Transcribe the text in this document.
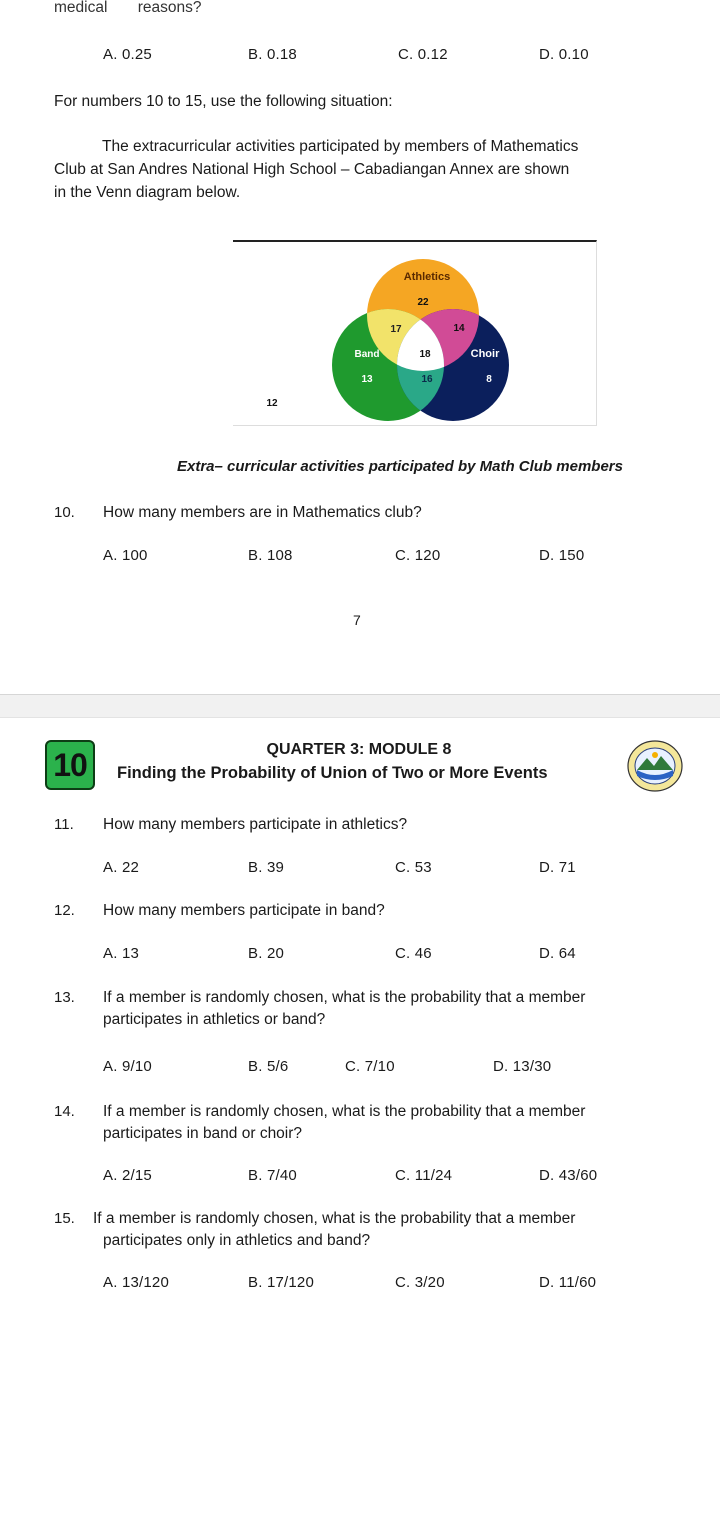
medical reasons?
A. 0.25	B. 0.18	C. 0.12	D. 0.10
For numbers 10 to 15, use the following situation:
The extracurricular activities participated by members of Mathematics
Club at San Andres National High School – Cabadiangan Annex are shown
in the Venn diagram below.
Athletics
22
17	14
Band	18	Choir
13	16	8
12
Extra– curricular activities participated by Math Club members
10. How many members are in Mathematics club?
A. 100	B. 108	C. 120	D. 150
7
10	QUARTER 3: MODULE 8
Finding the Probability of Union of Two or More Events
11. How many members participate in athletics?
A. 22	B. 39	C. 53	D. 71
12. How many members participate in band?
A. 13	B. 20	C. 46	D. 64
13. If a member is randomly chosen, what is the probability that a member
participates in athletics or band?
A. 9/10	B. 5/6	C. 7/10	D. 13/30
14. If a member is randomly chosen, what is the probability that a member
participates in band or choir?
A. 2/15	B. 7/40	C. 11/24	D. 43/60
15. If a member is randomly chosen, what is the probability that a member
participates only in athletics and band?
A. 13/120	B. 17/120	C. 3/20	D. 11/60
